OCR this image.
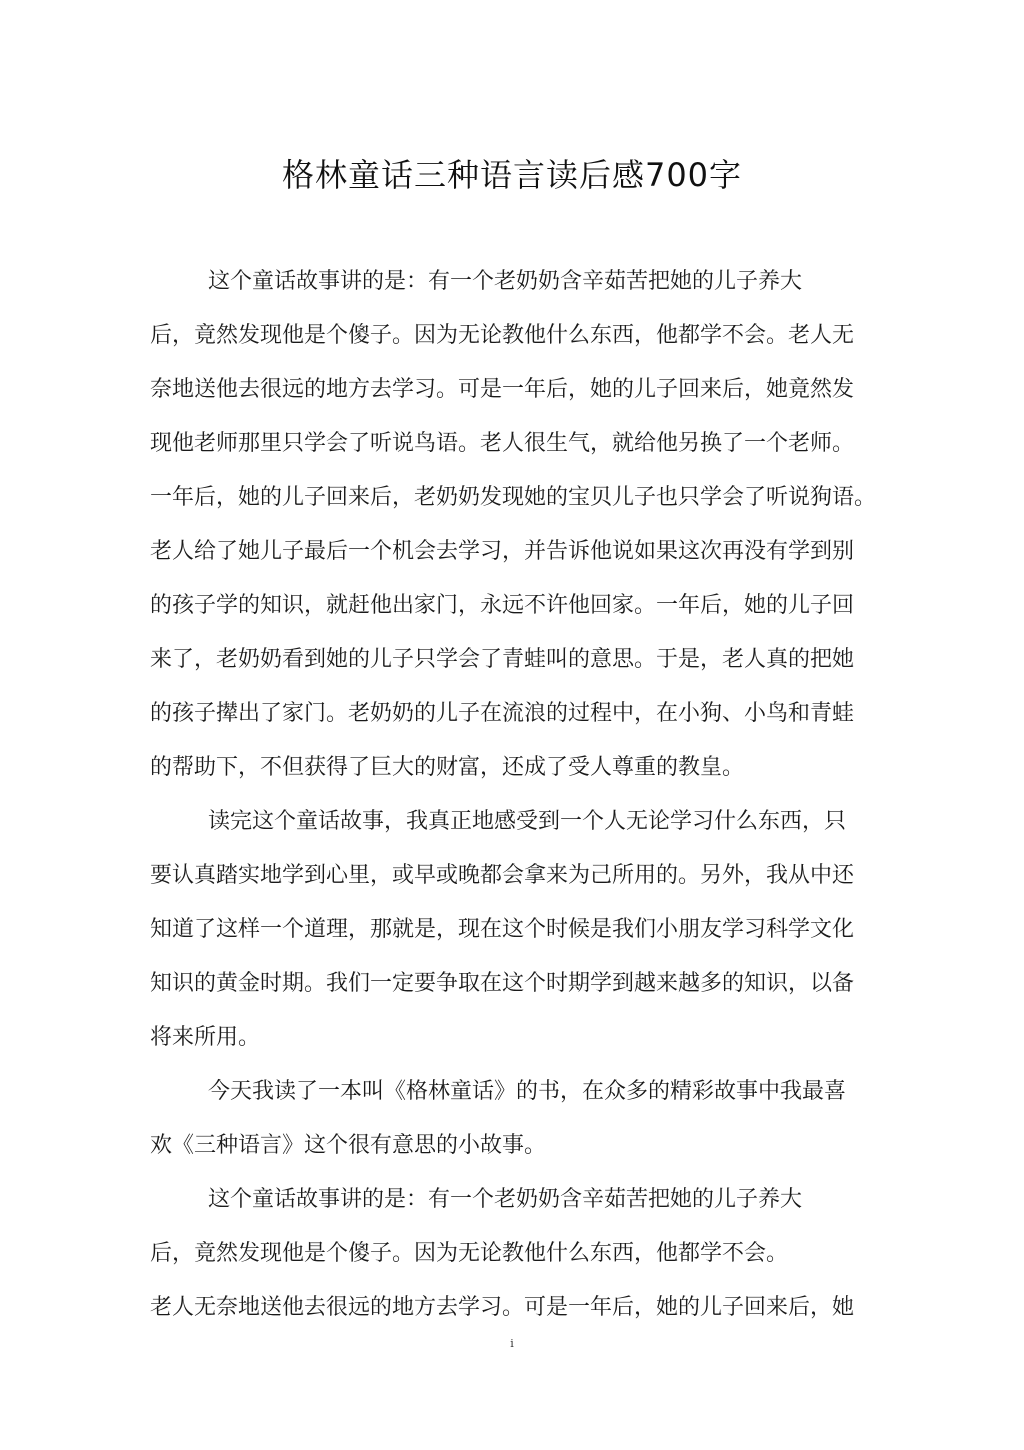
格林童话三种语言读后感700字
这个童话故事讲的是：有一个老奶奶含辛茹苦把她的儿子养大
后，竟然发现他是个傻子。因为无论教他什么东西，他都学不会。老人无
奈地送他去很远的地方去学习。可是一年后，她的儿子回来后，她竟然发
现他老师那里只学会了听说鸟语。老人很生气，就给他另换了一个老师。
一年后，她的儿子回来后，老奶奶发现她的宝贝儿子也只学会了听说狗语。
老人给了她儿子最后一个机会去学习，并告诉他说如果这次再没有学到别
的孩子学的知识，就赶他出家门，永远不许他回家。一年后，她的儿子回
来了，老奶奶看到她的儿子只学会了青蛙叫的意思。于是，老人真的把她
的孩子撵出了家门。老奶奶的儿子在流浪的过程中，在小狗、小鸟和青蛙
的帮助下，不但获得了巨大的财富，还成了受人尊重的教皇。
读完这个童话故事，我真正地感受到一个人无论学习什么东西，只
要认真踏实地学到心里，或早或晚都会拿来为己所用的。另外，我从中还
知道了这样一个道理，那就是，现在这个时候是我们小朋友学习科学文化
知识的黄金时期。我们一定要争取在这个时期学到越来越多的知识，以备
将来所用。
今天我读了一本叫《格林童话》的书，在众多的精彩故事中我最喜
欢《三种语言》这个很有意思的小故事。
这个童话故事讲的是：有一个老奶奶含辛茹苦把她的儿子养大
后，竟然发现他是个傻子。因为无论教他什么东西，他都学不会。
老人无奈地送他去很远的地方去学习。可是一年后，她的儿子回来后，她
i
